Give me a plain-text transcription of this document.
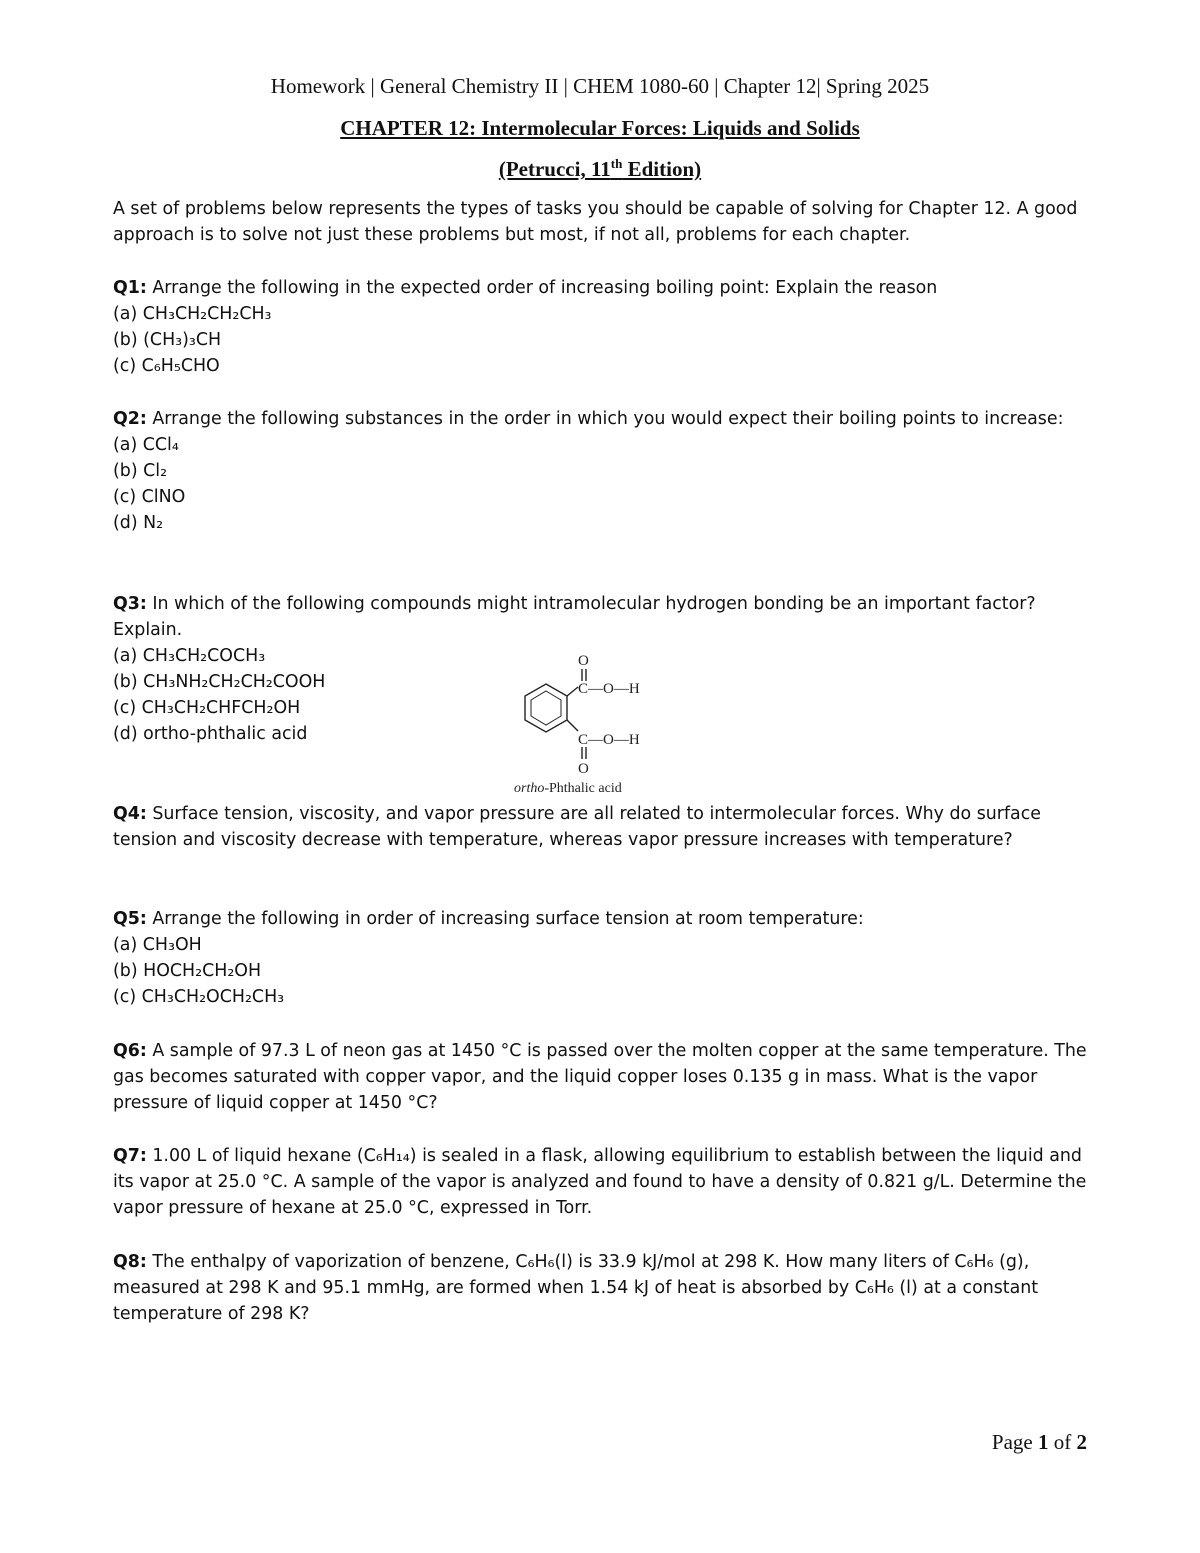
Homework | General Chemistry II | CHEM 1080-60 | Chapter 12| Spring 2025
CHAPTER 12: Intermolecular Forces: Liquids and Solids
(Petrucci, 11th Edition)

A set of problems below represents the types of tasks you should be capable of solving for Chapter 12. A good approach is to solve not just these problems but most, if not all, problems for each chapter.

Q1: Arrange the following in the expected order of increasing boiling point: Explain the reason

(a) CH₃CH₂CH₂CH₃

(b) (CH₃)₃CH

(c) C₆H₅CHO

Q2: Arrange the following substances in the order in which you would expect their boiling points to increase:

(a) CCl₄

(b) Cl₂

(c) ClNO

(d) N₂

Q3: In which of the following compounds might intramolecular hydrogen bonding be an important factor? Explain.

(a) CH₃CH₂COCH₃

(b) CH₃NH₂CH₂CH₂COOH

(c) CH₃CH₂CHFCH₂OH

(d) ortho-phthalic acid

O
C —O—H
C —O—H
O
ortho-Phthalic acid

Q4: Surface tension, viscosity, and vapor pressure are all related to intermolecular forces. Why do surface tension and viscosity decrease with temperature, whereas vapor pressure increases with temperature?

Q5: Arrange the following in order of increasing surface tension at room temperature:

(a) CH₃OH

(b) HOCH₂CH₂OH

(c) CH₃CH₂OCH₂CH₃

Q6: A sample of 97.3 L of neon gas at 1450 °C is passed over the molten copper at the same temperature. The gas becomes saturated with copper vapor, and the liquid copper loses 0.135 g in mass. What is the vapor pressure of liquid copper at 1450 °C?

Q7: 1.00 L of liquid hexane (C₆H₁₄) is sealed in a flask, allowing equilibrium to establish between the liquid and its vapor at 25.0 °C. A sample of the vapor is analyzed and found to have a density of 0.821 g/L. Determine the vapor pressure of hexane at 25.0 °C, expressed in Torr.

Q8: The enthalpy of vaporization of benzene, C₆H₆(l) is 33.9 kJ/mol at 298 K. How many liters of C₆H₆ (g), measured at 298 K and 95.1 mmHg, are formed when 1.54 kJ of heat is absorbed by C₆H₆ (l) at a constant temperature of 298 K?

Page 1 of 2
